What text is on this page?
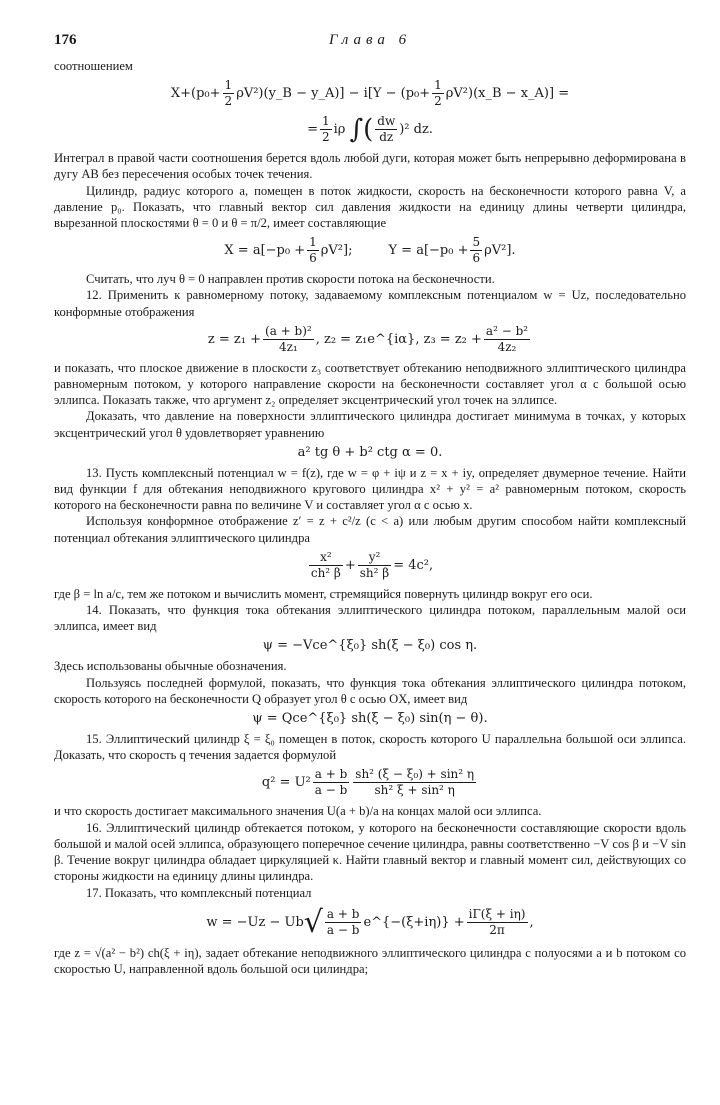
176	Глава 6

соотношением

$X+(p_0+ \frac{1}{2}$ ρV²)(y_B − y_A)] − $i[Y - (p_0+ \frac{1}{2}$ ρV²)(x_B − x_A)] =
= $\frac{1}{2}$ iρ ∫( $\frac{dw}{dz} )^2$ dz.

Интеграл в правой части соотношения берется вдоль любой дуги, которая может быть непрерывно деформирована в дугу AB без пересечения особых точек течения.

Цилиндр, радиус которого a, помещен в поток жидкости, скорость на бесконечности которого равна V, а давление p₀. Показать, что главный вектор сил давления жидкости на единицу длины четверти цилиндра, вырезанной плоскостями θ = 0 и θ = π/2, имеет составляющие

$X = a[-p_0 + \frac{1}{6} \rho V^2]$;	$Y = a[-p_0 + \frac{5}{6} \rho V^2]$.

Считать, что луч θ = 0 направлен против скорости потока на бесконечности.

12. Применить к равномерному потоку, задаваемому комплексным потенциалом w = Uz, последовательно конформные отображения

$z = z_1 + \frac{\text{(a + b)²}}{\text{4z₁}}$ , z₂ = z₁e^{iα}, $z_3 = z_2 + \frac{\text{a² − b²}}{\text{4z₂}}$

и показать, что плоское движение в плоскости z₃ соответствует обтеканию неподвижного эллиптического цилиндра равномерным потоком, у которого направление скорости на бесконечности составляет угол α с большой осью эллипса. Показать также, что аргумент z₂ определяет эксцентрический угол точек на эллипсе.

Доказать, что давление на поверхности эллиптического цилиндра достигает минимума в точках, у которых эксцентрический угол θ удовлетворяет уравнению

a² tg θ + b² ctg α = 0.

13. Пусть комплексный потенциал w = f(z), где w = φ + iψ и z = x + iy, определяет двумерное течение. Найти вид функции f для обтекания неподвижного кругового цилиндра x² + y² = a² равномерным потоком, скорость которого на бесконечности равна по величине V и составляет угол α с осью x.

Используя конформное отображение z′ = z + c²/z (c < a) или любым другим способом найти комплексный потенциал обтекания эллиптического цилиндра

$\frac{\text{x²}}{\text{ch² β}} + \frac{\text{y²}}{\text{sh² β}} = 4c^2$,

где β = ln a/c, тем же потоком и вычислить момент, стремящийся повернуть цилиндр вокруг его оси.

14. Показать, что функция тока обтекания эллиптического цилиндра потоком, параллельным малой оси эллипса, имеет вид

ψ = −Vce^{ξ₀} sh(ξ − ξ₀) cos η.

Здесь использованы обычные обозначения.

Пользуясь последней формулой, показать, что функция тока обтекания эллиптического цилиндра потоком, скорость которого на бесконечности Q образует угол θ с осью OX, имеет вид

ψ = Qce^{ξ₀} sh(ξ − ξ₀) sin(η − θ).

15. Эллиптический цилиндр ξ = ξ₀ помещен в поток, скорость которого U параллельна большой оси эллипса. Доказать, что скорость q течения задается формулой

$q^2 = U^2 \frac{a + b}{a - b} \frac{\text{sh² (ξ − ξ₀) + sin² η}}{\text{sh² ξ + sin² η}}$

и что скорость достигает максимального значения U(a + b)/a на концах малой оси эллипса.

16. Эллиптический цилиндр обтекается потоком, у которого на бесконечности составляющие скорости вдоль большой и малой осей эллипса, образующего поперечное сечение цилиндра, равны соответственно −V cos β и −V sin β. Течение вокруг цилиндра обладает циркуляцией κ. Найти главный вектор и главный момент сил, действующих со стороны жидкости на единицу длины цилиндра.

17. Показать, что комплексный потенциал

$w = -Uz - Ub√ \frac{a + b}{a - b}$ e^{−(ξ+iη)} + $\frac{i\Gamma(\xi + i\eta)}{2\pi}$ ,

где z = √(a² − b²) ch(ξ + iη), задает обтекание неподвижного эллиптического цилиндра с полуосями a и b потоком со скоростью U, направленной вдоль большой оси цилиндра;
